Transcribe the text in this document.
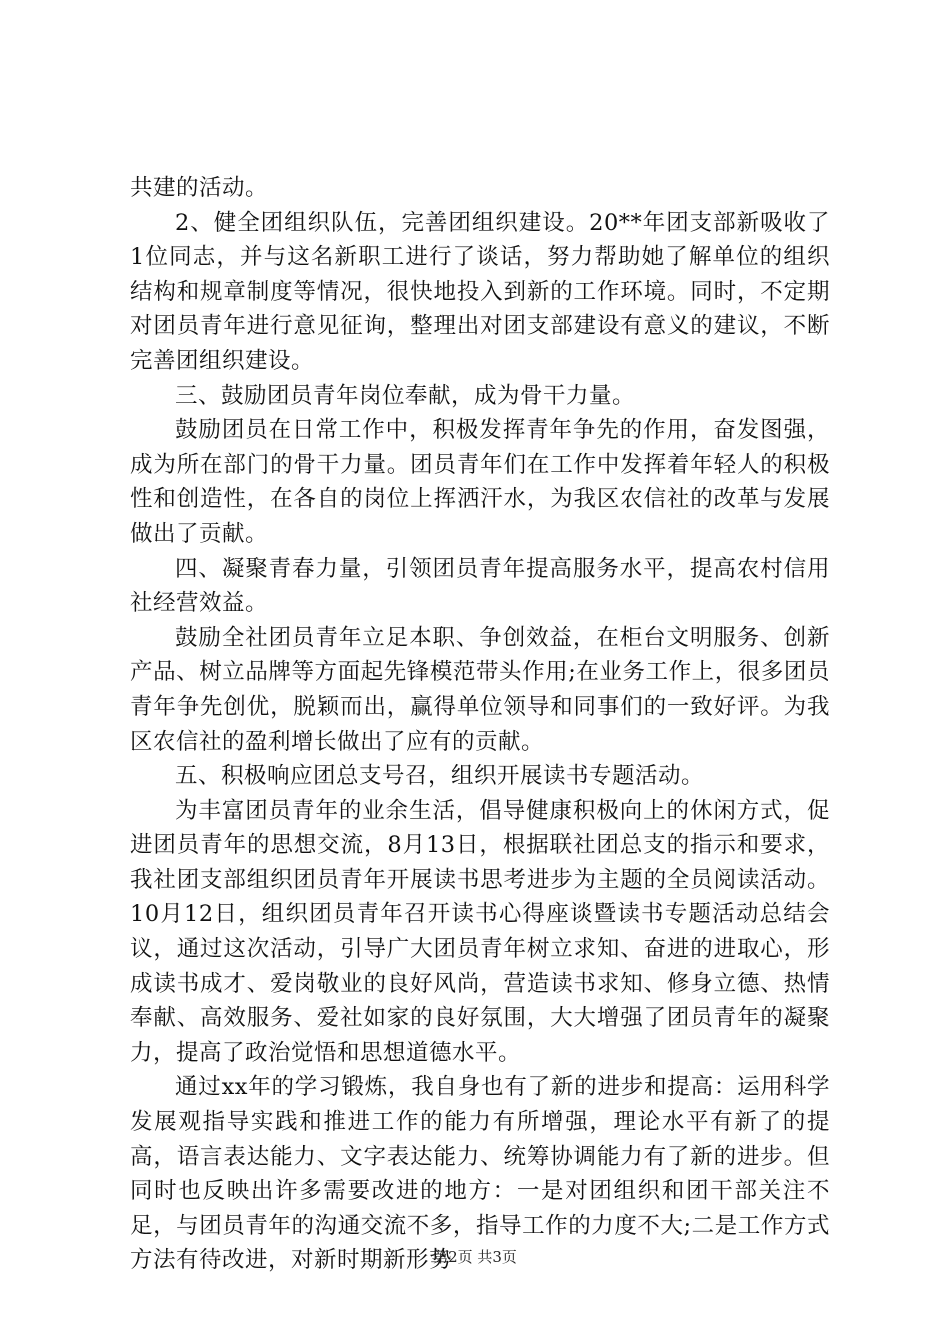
共建的活动。

2、健全团组织队伍，完善团组织建设。20**年团支部新吸收了1位同志，并与这名新职工进行了谈话，努力帮助她了解单位的组织结构和规章制度等情况，很快地投入到新的工作环境。同时，不定期对团员青年进行意见征询，整理出对团支部建设有意义的建议，不断完善团组织建设。

三、鼓励团员青年岗位奉献，成为骨干力量。

鼓励团员在日常工作中，积极发挥青年争先的作用，奋发图强，成为所在部门的骨干力量。团员青年们在工作中发挥着年轻人的积极性和创造性，在各自的岗位上挥洒汗水，为我区农信社的改革与发展做出了贡献。

四、凝聚青春力量，引领团员青年提高服务水平，提高农村信用社经营效益。

鼓励全社团员青年立足本职、争创效益，在柜台文明服务、创新产品、树立品牌等方面起先锋模范带头作用;在业务工作上，很多团员青年争先创优，脱颖而出，赢得单位领导和同事们的一致好评。为我区农信社的盈利增长做出了应有的贡献。

五、积极响应团总支号召，组织开展读书专题活动。

为丰富团员青年的业余生活，倡导健康积极向上的休闲方式，促进团员青年的思想交流，8月13日，根据联社团总支的指示和要求，我社团支部组织团员青年开展读书思考进步为主题的全员阅读活动。10月12日，组织团员青年召开读书心得座谈暨读书专题活动总结会议，通过这次活动，引导广大团员青年树立求知、奋进的进取心，形成读书成才、爱岗敬业的良好风尚，营造读书求知、修身立德、热情奉献、高效服务、爱社如家的良好氛围，大大增强了团员青年的凝聚力，提高了政治觉悟和思想道德水平。

通过xx年的学习锻炼，我自身也有了新的进步和提高：运用科学发展观指导实践和推进工作的能力有所增强，理论水平有新了的提高，语言表达能力、文字表达能力、统筹协调能力有了新的进步。但同时也反映出许多需要改进的地方：一是对团组织和团干部关注不足，与团员青年的沟通交流不多，指导工作的力度不大;二是工作方式方法有待改进，对新时期新形势

第2页 共3页
